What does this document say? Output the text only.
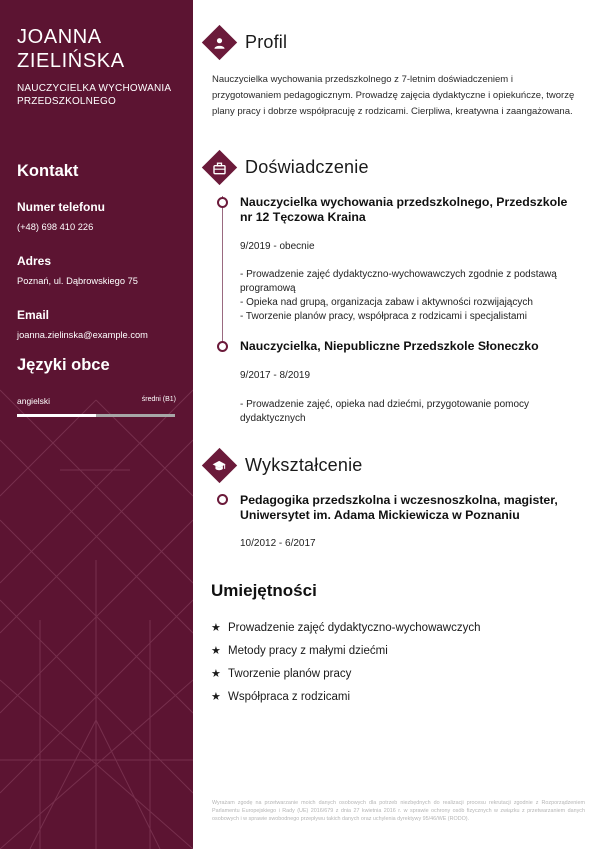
JOANNA
ZIELIŃSKA
NAUCZYCIELKA WYCHOWANIA PRZEDSZKOLNEGO
Kontakt
Numer telefonu
(+48) 698 410 226
Adres
Poznań, ul. Dąbrowskiego 75
Email
joanna.zielinska@example.com
Języki obce
angielski	średni (B1)
Profil

Nauczycielka wychowania przedszkolnego z 7-letnim doświadczeniem i przygotowaniem pedagogicznym. Prowadzę zajęcia dydaktyczne i opiekuńcze, tworzę plany pracy i dobrze współpracuję z rodzicami. Cierpliwa, kreatywna i zaangażowana.

Doświadczenie
Nauczycielka wychowania przedszkolnego, Przedszkole nr 12 Tęczowa Kraina
9/2019 - obecnie
- Prowadzenie zajęć dydaktyczno-wychowawczych zgodnie z podstawą programową
- Opieka nad grupą, organizacja zabaw i aktywności rozwijających
- Tworzenie planów pracy, współpraca z rodzicami i specjalistami
Nauczycielka, Niepubliczne Przedszkole Słoneczko
9/2017 - 8/2019
- Prowadzenie zajęć, opieka nad dziećmi, przygotowanie pomocy dydaktycznych
Wykształcenie
Pedagogika przedszkolna i wczesnoszkolna, magister, Uniwersytet im. Adama Mickiewicza w Poznaniu
10/2012 - 6/2017
Umiejętności
★ Prowadzenie zajęć dydaktyczno-wychowawczych
★ Metody pracy z małymi dziećmi
★ Tworzenie planów pracy
★ Współpraca z rodzicami

Wyrażam zgodę na przetwarzanie moich danych osobowych dla potrzeb niezbędnych do realizacji procesu rekrutacji zgodnie z Rozporządzeniem Parlamentu Europejskiego i Rady (UE) 2016/679 z dnia 27 kwietnia 2016 r. w sprawie ochrony osób fizycznych w związku z przetwarzaniem danych osobowych i w sprawie swobodnego przepływu takich danych oraz uchylenia dyrektywy 95/46/WE (RODO).
